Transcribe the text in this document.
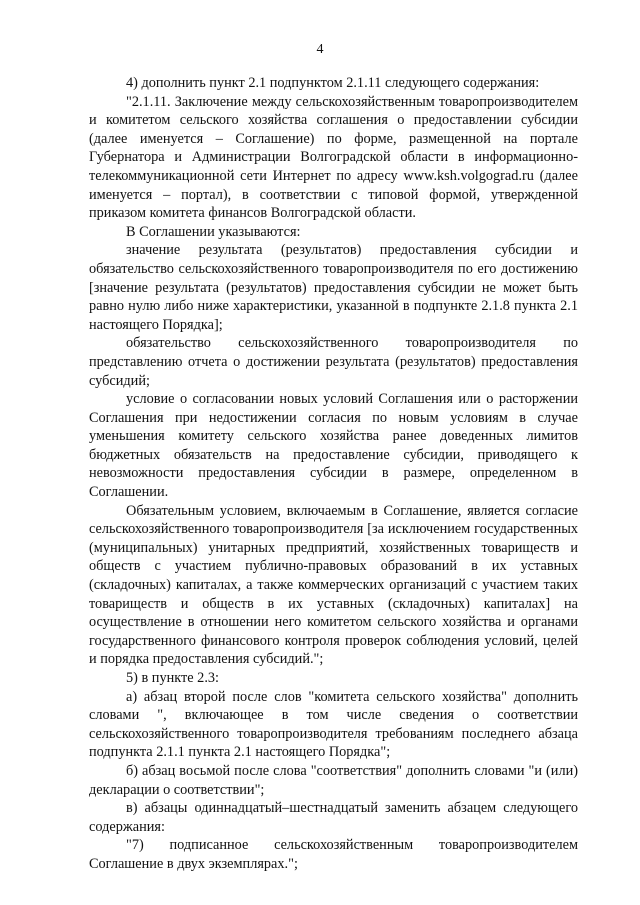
4

4) дополнить пункт 2.1 подпунктом 2.1.11 следующего содержания:

"2.1.11. Заключение между сельскохозяйственным товаропроизводителем и комитетом сельского хозяйства соглашения о предоставлении субсидии (далее именуется – Соглашение) по форме, размещенной на портале Губернатора и Администрации Волгоградской области в информационно-телекоммуникационной сети Интернет по адресу www.ksh.volgograd.ru (далее именуется – портал), в соответствии с типовой формой, утвержденной приказом комитета финансов Волгоградской области.

В Соглашении указываются:

значение результата (результатов) предоставления субсидии и обязательство сельскохозяйственного товаропроизводителя по его достижению [значение результата (результатов) предоставления субсидии не может быть равно нулю либо ниже характеристики, указанной в подпункте 2.1.8 пункта 2.1 настоящего Порядка];

обязательство сельскохозяйственного товаропроизводителя по представлению отчета о достижении результата (результатов) предоставления субсидий;

условие о согласовании новых условий Соглашения или о расторжении Соглашения при недостижении согласия по новым условиям в случае уменьшения комитету сельского хозяйства ранее доведенных лимитов бюджетных обязательств на предоставление субсидии, приводящего к невозможности предоставления субсидии в размере, определенном в Соглашении.

Обязательным условием, включаемым в Соглашение, является согласие сельскохозяйственного товаропроизводителя [за исключением государственных (муниципальных) унитарных предприятий, хозяйственных товариществ и обществ с участием публично-правовых образований в их уставных (складочных) капиталах, а также коммерческих организаций с участием таких товариществ и обществ в их уставных (складочных) капиталах] на осуществление в отношении него комитетом сельского хозяйства и органами государственного финансового контроля проверок соблюдения условий, целей и порядка предоставления субсидий.";

5) в пункте 2.3:

а) абзац второй после слов "комитета сельского хозяйства" дополнить словами ", включающее в том числе сведения о соответствии сельскохозяйственного товаропроизводителя требованиям последнего абзаца подпункта 2.1.1 пункта 2.1 настоящего Порядка";

б) абзац восьмой после слова "соответствия" дополнить словами "и (или) декларации о соответствии";

в) абзацы одиннадцатый–шестнадцатый заменить абзацем следующего содержания:

"7) подписанное сельскохозяйственным товаропроизводителем Соглашение в двух экземплярах.";
